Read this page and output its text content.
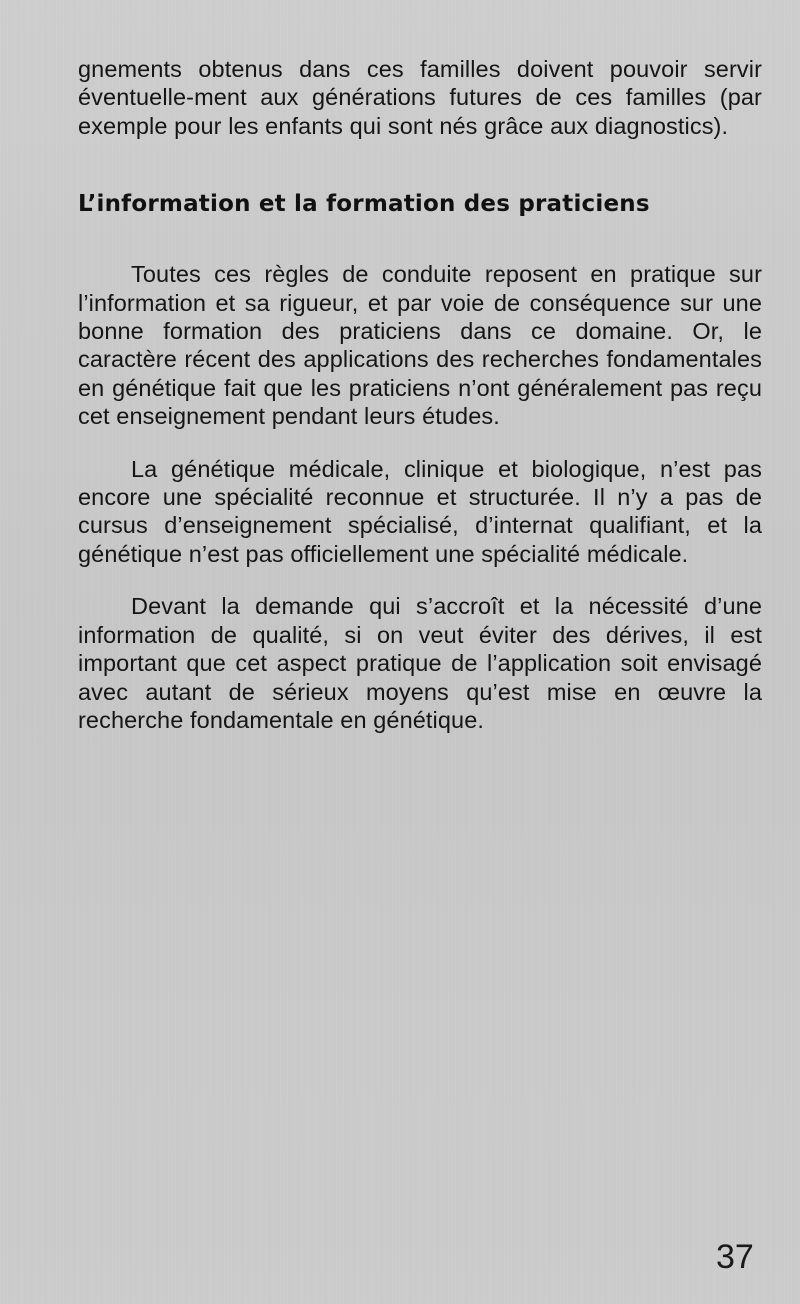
gnements obtenus dans ces familles doivent pouvoir servir éventuelle-ment aux générations futures de ces familles (par exemple pour les enfants qui sont nés grâce aux diagnostics).

L’information et la formation des praticiens

Toutes ces règles de conduite reposent en pratique sur l’information et sa rigueur, et par voie de conséquence sur une bonne formation des praticiens dans ce domaine. Or, le caractère récent des applications des recherches fondamentales en génétique fait que les praticiens n’ont généralement pas reçu cet enseignement pendant leurs études.

La génétique médicale, clinique et biologique, n’est pas encore une spécialité reconnue et structurée. Il n’y a pas de cursus d’enseignement spécialisé, d’internat qualifiant, et la génétique n’est pas officiellement une spécialité médicale.

Devant la demande qui s’accroît et la nécessité d’une information de qualité, si on veut éviter des dérives, il est important que cet aspect pratique de l’application soit envisagé avec autant de sérieux moyens qu’est mise en œuvre la recherche fondamentale en génétique.

37
